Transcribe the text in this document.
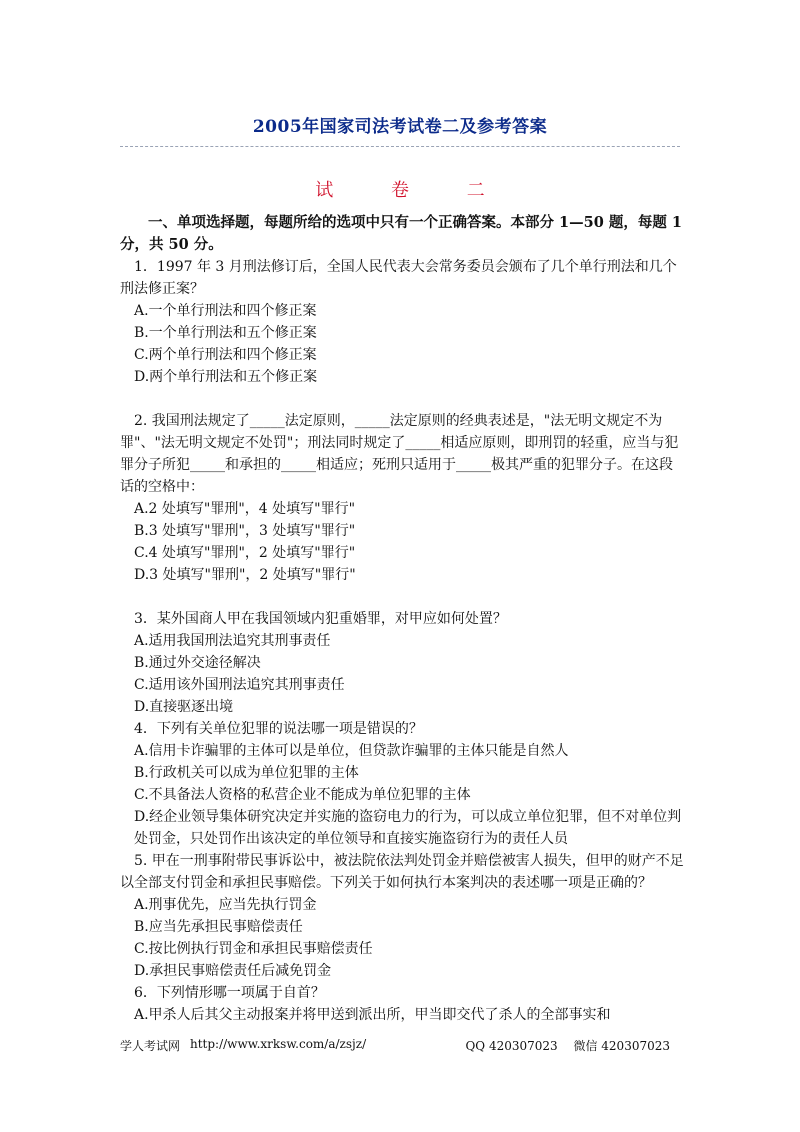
2005年国家司法考试卷二及参考答案
试 卷 二

一、单项选择题，每题所给的选项中只有一个正确答案。本部分 1—50 题，每题 1 分，共 50 分。

1．1997 年 3 月刑法修订后，全国人民代表大会常务委员会颁布了几个单行刑法和几个刑法修正案？

A.一个单行刑法和四个修正案

B.一个单行刑法和五个修正案

C.两个单行刑法和四个修正案

D.两个单行刑法和五个修正案

2. 我国刑法规定了_____法定原则，_____法定原则的经典表述是，"法无明文规定不为罪"、"法无明文规定不处罚"；刑法同时规定了_____相适应原则，即刑罚的轻重，应当与犯罪分子所犯_____和承担的_____相适应；死刑只适用于_____极其严重的犯罪分子。在这段话的空格中：

A.2 处填写"罪刑"，4 处填写"罪行"

B.3 处填写"罪刑"，3 处填写"罪行"

C.4 处填写"罪刑"，2 处填写"罪行"

D.3 处填写"罪刑"，2 处填写"罪行"

3．某外国商人甲在我国领域内犯重婚罪，对甲应如何处置？

A.适用我国刑法追究其刑事责任

B.通过外交途径解决

C.适用该外国刑法追究其刑事责任

D.直接驱逐出境

4．下列有关单位犯罪的说法哪一项是错误的？

A.信用卡诈骗罪的主体可以是单位，但贷款诈骗罪的主体只能是自然人

B.行政机关可以成为单位犯罪的主体

C.不具备法人资格的私营企业不能成为单位犯罪的主体

D.经企业领导集体研究决定并实施的盗窃电力的行为，可以成立单位犯罪，但不对单位判处罚金，只处罚作出该决定的单位领导和直接实施盗窃行为的责任人员

5. 甲在一刑事附带民事诉讼中，被法院依法判处罚金并赔偿被害人损失，但甲的财产不足以全部支付罚金和承担民事赔偿。下列关于如何执行本案判决的表述哪一项是正确的？

A.刑事优先，应当先执行罚金

B.应当先承担民事赔偿责任

C.按比例执行罚金和承担民事赔偿责任

D.承担民事赔偿责任后减免罚金

6．下列情形哪一项属于自首？

A.甲杀人后其父主动报案并将甲送到派出所，甲当即交代了杀人的全部事实和

学人考试网 http://www.xrksw.com/a/zsjz/	QQ 420307023　 微信 420307023
